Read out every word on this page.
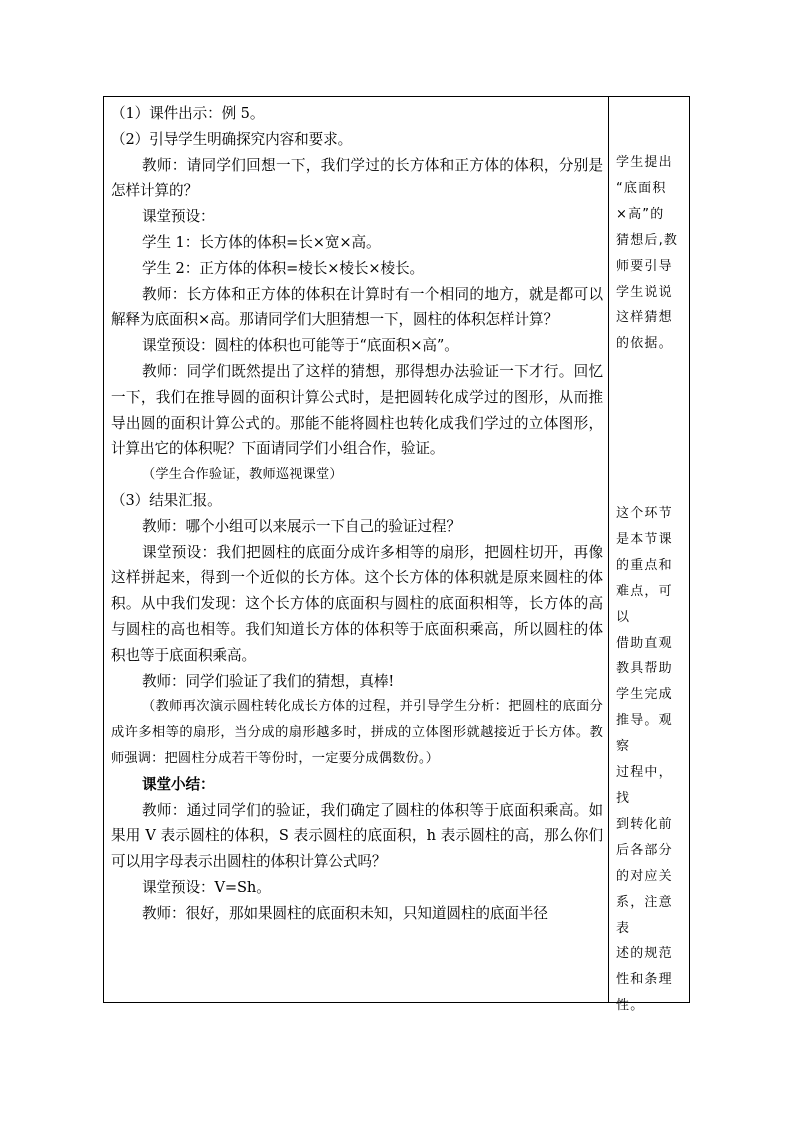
（1）课件出示：例 5。

（2）引导学生明确探究内容和要求。

教师：请同学们回想一下，我们学过的长方体和正方体的体积，分别是怎样计算的？

课堂预设：

学生 1：长方体的体积=长×宽×高。

学生 2：正方体的体积=棱长×棱长×棱长。

教师：长方体和正方体的体积在计算时有一个相同的地方，就是都可以解释为底面积×高。那请同学们大胆猜想一下，圆柱的体积怎样计算？

课堂预设：圆柱的体积也可能等于“底面积×高”。

教师：同学们既然提出了这样的猜想，那得想办法验证一下才行。回忆一下，我们在推导圆的面积计算公式时，是把圆转化成学过的图形，从而推导出圆的面积计算公式的。那能不能将圆柱也转化成我们学过的立体图形，计算出它的体积呢？下面请同学们小组合作，验证。

（学生合作验证，教师巡视课堂）

（3）结果汇报。

教师：哪个小组可以来展示一下自己的验证过程？

课堂预设：我们把圆柱的底面分成许多相等的扇形，把圆柱切开，再像这样拼起来，得到一个近似的长方体。这个长方体的体积就是原来圆柱的体积。从中我们发现：这个长方体的底面积与圆柱的底面积相等，长方体的高与圆柱的高也相等。我们知道长方体的体积等于底面积乘高，所以圆柱的体积也等于底面积乘高。

教师：同学们验证了我们的猜想，真棒!

（教师再次演示圆柱转化成长方体的过程，并引导学生分析：把圆柱的底面分成许多相等的扇形，当分成的扇形越多时，拼成的立体图形就越接近于长方体。教师强调：把圆柱分成若干等份时，一定要分成偶数份。）

课堂小结：

教师：通过同学们的验证，我们确定了圆柱的体积等于底面积乘高。如果用 V 表示圆柱的体积，S 表示圆柱的底面积，h 表示圆柱的高，那么你们可以用字母表示出圆柱的体积计算公式吗？

课堂预设：V=Sh。

教师：很好，那如果圆柱的底面积未知，只知道圆柱的底面半径

学生提出

“底面积

×高”的

猜想后,教

师要引导

学生说说

这样猜想

的依据。

这个环节

是本节课

的重点和

难点，可以

借助直观

教具帮助

学生完成

推导。观察

过程中，找

到转化前

后各部分

的对应关

系，注意表

述的规范

性和条理

性。
